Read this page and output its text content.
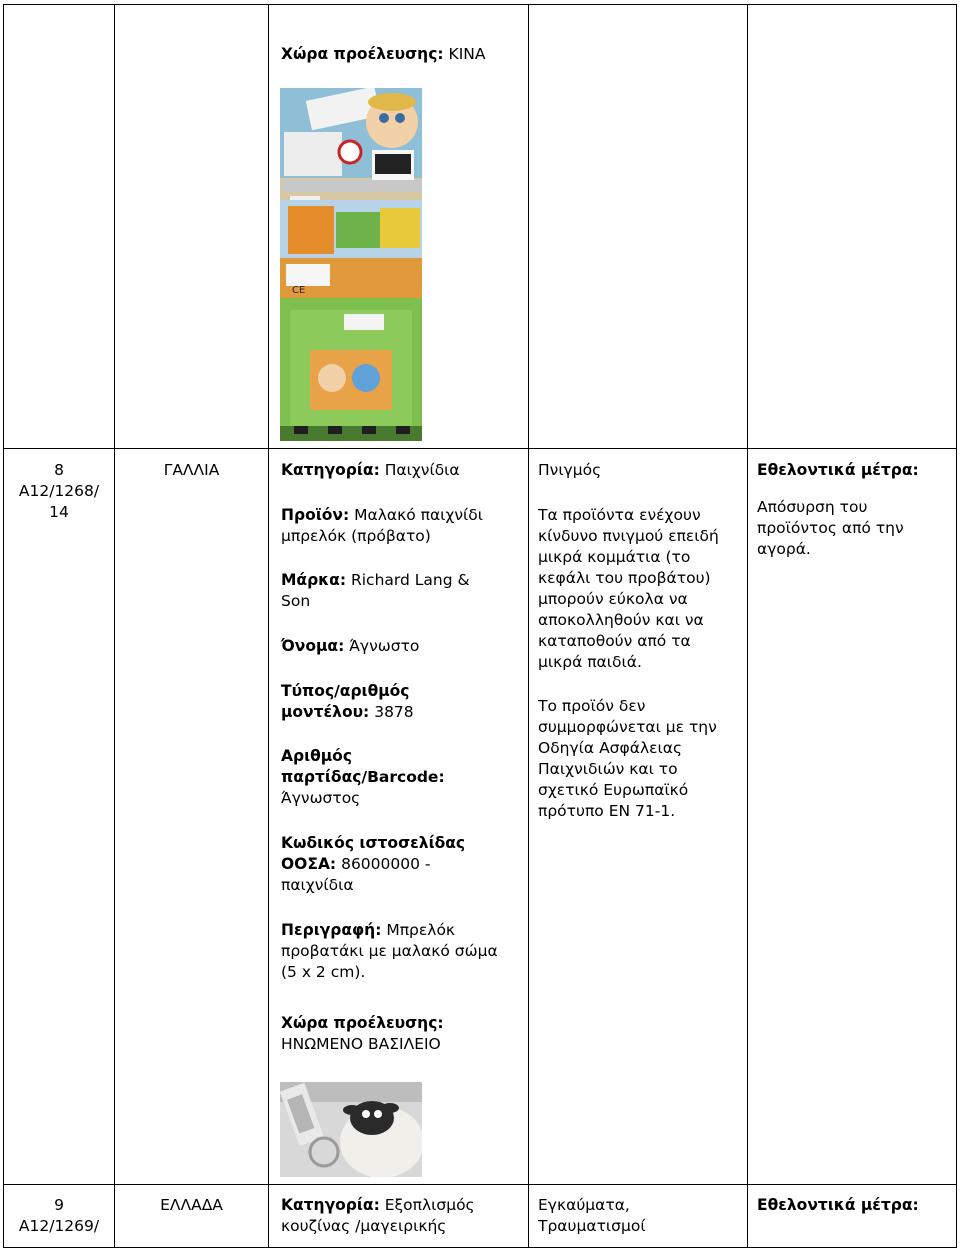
Χώρα προέλευσης: ΚΙΝΑ
CE

8

A12/1268/

14

ΓΑΛΛΙΑ	Κατηγορία: Παιχνίδια

Προϊόν: Μαλακό παιχνίδι

μπρελόκ (πρόβατο)

Μάρκα: Richard Lang &

Son

Όνομα: Άγνωστο

Τύπος/αριθμός

μοντέλου: 3878

Αριθμός

παρτίδας/Barcode:

Άγνωστος

Κωδικός ιστοσελίδας

ΟΟΣΑ: 86000000 -

παιχνίδια

Περιγραφή: Μπρελόκ

προβατάκι με μαλακό σώμα

(5 x 2 cm).

Χώρα προέλευσης:

ΗΝΩΜΕΝΟ ΒΑΣΙΛΕΙΟ

Πνιγμός

Τα προϊόντα ενέχουν

κίνδυνο πνιγμού επειδή

μικρά κομμάτια (το

κεφάλι του προβάτου)

μπορούν εύκολα να

αποκολληθούν και να

καταποθούν από τα

μικρά παιδιά.

Το προϊόν δεν

συμμορφώνεται με την

Οδηγία Ασφάλειας

Παιχνιδιών και το

σχετικό Ευρωπαϊκό

πρότυπο EN 71-1.

Εθελοντικά μέτρα:

Απόσυρση του

προϊόντος από την

αγορά.

9

A12/1269/

ΕΛΛΑΔΑ	Κατηγορία: Εξοπλισμός

κουζίνας /μαγειρικής

Εγκαύματα,

Τραυματισμοί

Εθελοντικά μέτρα:
